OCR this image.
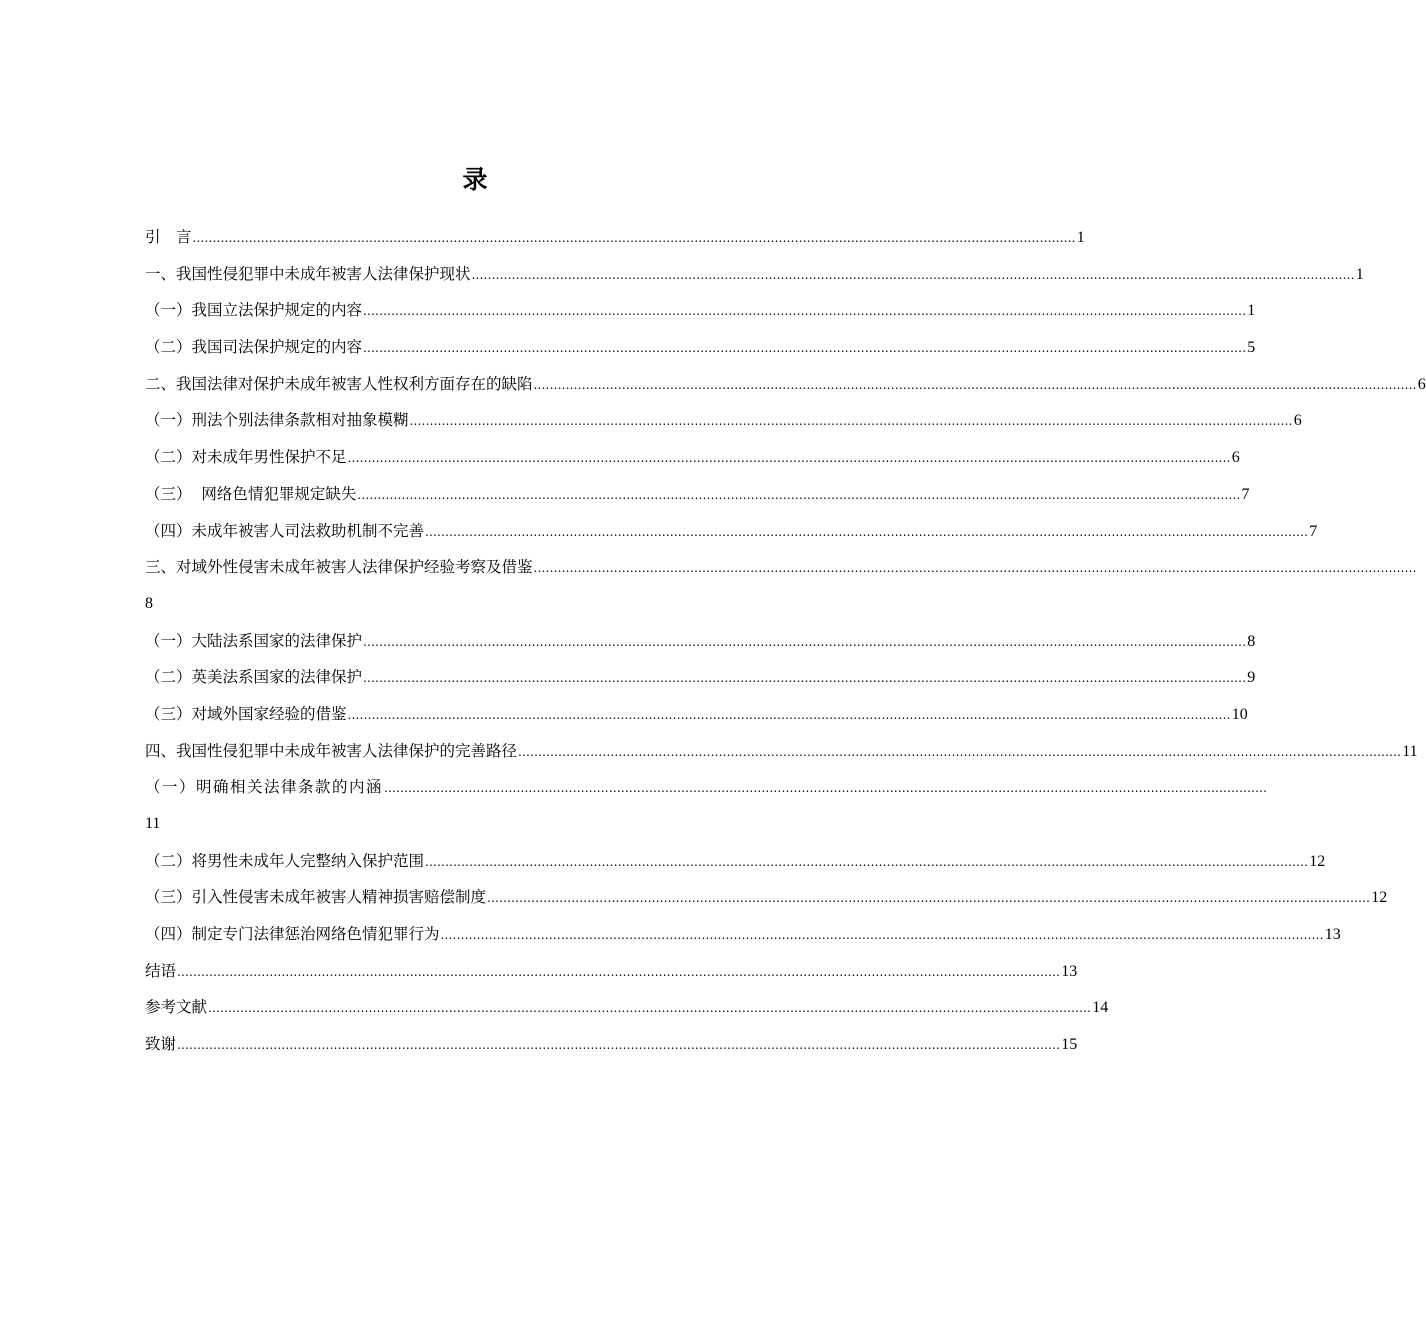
录
引　言 ............................................................................................................................................................................................................................ 1
一、我国性侵犯罪中未成年被害人法律保护现状 ............................................................................................................................................................................................................................ 1
（一）我国立法保护规定的内容 ............................................................................................................................................................................................................................ 1
（二）我国司法保护规定的内容 ............................................................................................................................................................................................................................ 5
二、我国法律对保护未成年被害人性权利方面存在的缺陷 ............................................................................................................................................................................................................................ 6
（一）刑法个别法律条款相对抽象模糊 ............................................................................................................................................................................................................................ 6
（二）对未成年男性保护不足 ............................................................................................................................................................................................................................ 6
（三）  网络色情犯罪规定缺失 ............................................................................................................................................................................................................................ 7
（四）未成年被害人司法救助机制不完善 ............................................................................................................................................................................................................................ 7
三、对域外性侵害未成年被害人法律保护经验考察及借鉴 ............................................................................................................................................................................................................................
8
（一）大陆法系国家的法律保护 ............................................................................................................................................................................................................................ 8
（二）英美法系国家的法律保护 ............................................................................................................................................................................................................................ 9
（三）对域外国家经验的借鉴 ............................................................................................................................................................................................................................ 10
四、我国性侵犯罪中未成年被害人法律保护的完善路径 ............................................................................................................................................................................................................................ 11
（一）明确相关法律条款的内涵 ............................................................................................................................................................................................................................
11
（二）将男性未成年人完整纳入保护范围 ............................................................................................................................................................................................................................ 12
（三）引入性侵害未成年被害人精神损害赔偿制度 ............................................................................................................................................................................................................................ 12
（四）制定专门法律惩治网络色情犯罪行为 ............................................................................................................................................................................................................................ 13
结语 ............................................................................................................................................................................................................................ 13
参考文献 ............................................................................................................................................................................................................................ 14
致谢 ............................................................................................................................................................................................................................ 15
